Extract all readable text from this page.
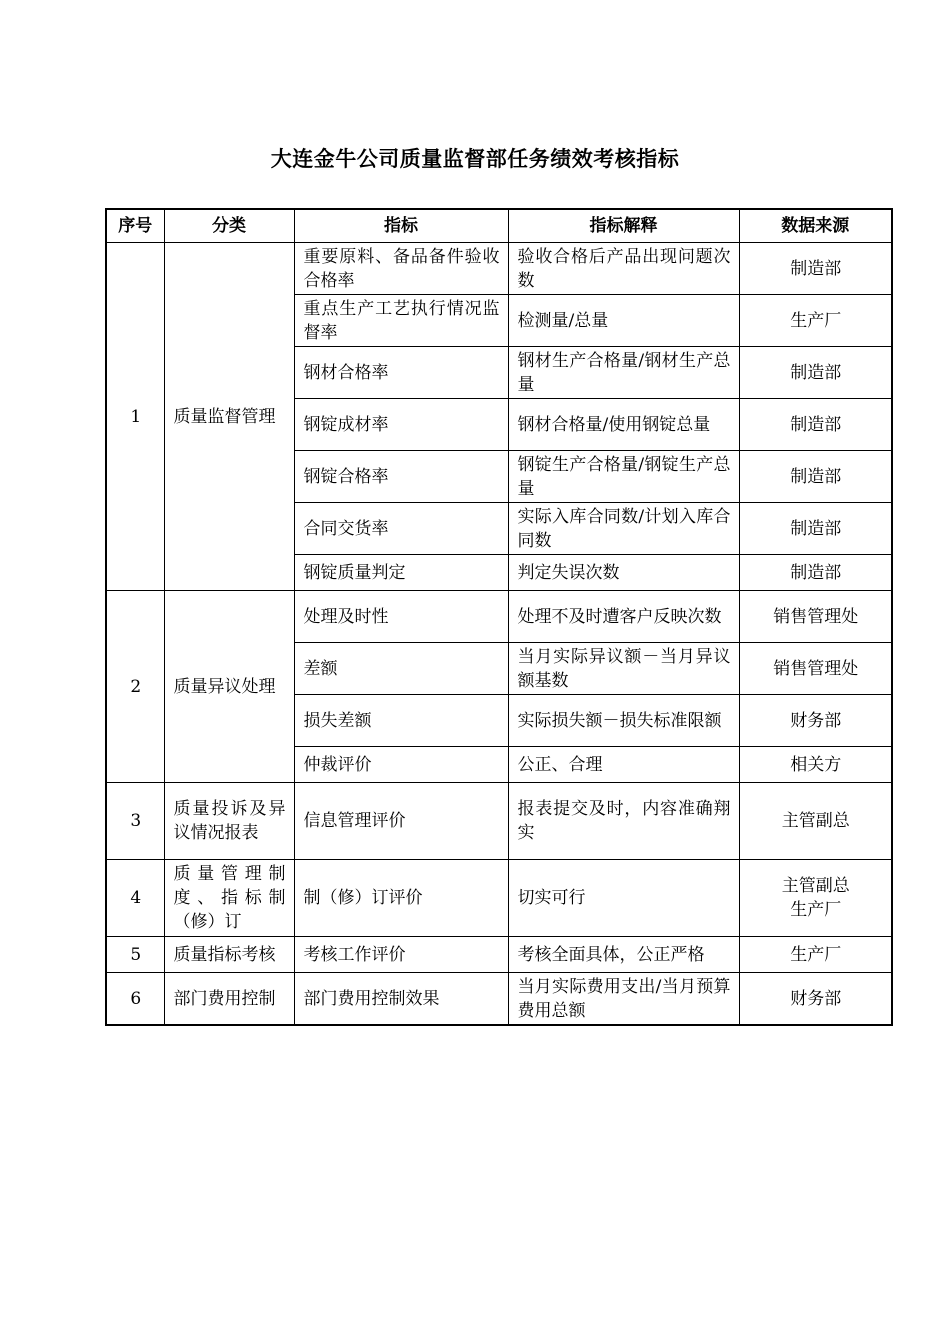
大连金牛公司质量监督部任务绩效考核指标
序号	分类	指标	指标解释	数据来源
1	质量监督管理	重要原料、备品备件验收合格率	验收合格后产品出现问题次数	制造部

		重点生产工艺执行情况监督率	检测量/总量	生产厂

		钢材合格率	钢材生产合格量/钢材生产总量	制造部

		钢锭成材率	钢材合格量/使用钢锭总量	制造部

		钢锭合格率	钢锭生产合格量/钢锭生产总量	制造部

		合同交货率	实际入库合同数/计划入库合同数	制造部

		钢锭质量判定	判定失误次数	制造部

2	质量异议处理	处理及时性	处理不及时遭客户反映次数	销售管理处

		差额	当月实际异议额－当月异议额基数	销售管理处

		损失差额	实际损失额－损失标准限额	财务部

		仲裁评价	公正、合理	相关方

3	质量投诉及异议情况报表	信息管理评价	报表提交及时，内容准确翔实	主管副总

4	质量管理制度、指标制（修）订	制（修）订评价	切实可行	主管副总
生产厂

5	质量指标考核	考核工作评价	考核全面具体，公正严格	生产厂

6	部门费用控制	部门费用控制效果	当月实际费用支出/当月预算费用总额	财务部
